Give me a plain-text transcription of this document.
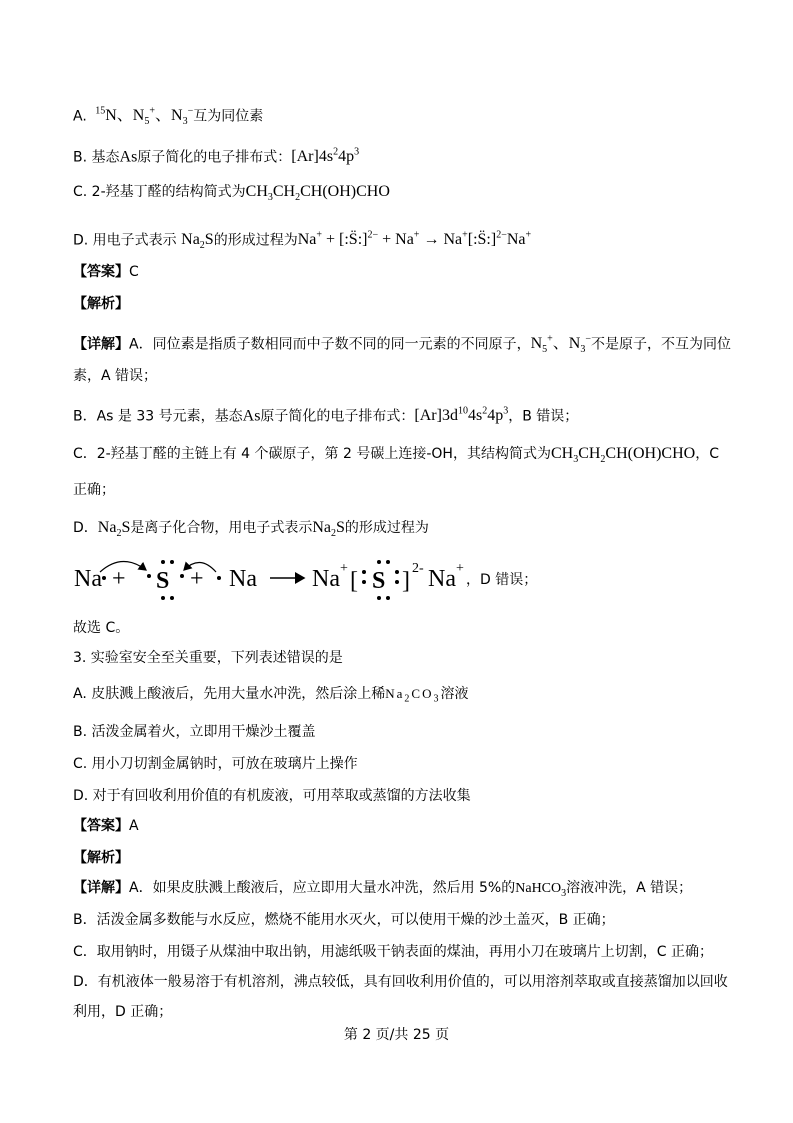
A. $^{15}$N、$N_5^+$、$N_3^-$互为同位素
B. 基态As原子简化的电子排布式：$[Ar]4s^24p^3$
C. 2-羟基丁醛的结构简式为$CH_3CH_2CH(OH)CHO$
D. 用电子式表示 $Na_2S$的形成过程为Na+ + [:S̈:]$^{2-}$ + Na+ → Na+[:S̈:]$^{2-}$Na+
【答案】C
【解析】
【详解】A．同位素是指质子数相同而中子数不同的同一元素的不同原子，$N_5^+$、$N_3^-$不是原子，不互为同位
素，A 错误；
B．As 是 33 号元素，基态As原子简化的电子排布式：$[Ar]3d^{10}4s^24p^3$，B 错误；
C．2-羟基丁醛的主链上有 4 个碳原子，第 2 号碳上连接-OH，其结构简式为$CH_3CH_2CH(OH)CHO$，C
正确；
D．$Na_2S$是离子化合物，用电子式表示$Na_2S$的形成过程为
Na + S + Na Na + [ S ] 2- Na +
，D 错误；
故选 C。
3. 实验室安全至关重要，下列表述错误的是
A. 皮肤溅上酸液后，先用大量水冲洗，然后涂上稀$Na_2CO_3$溶液
B. 活泼金属着火，立即用干燥沙土覆盖
C. 用小刀切割金属钠时，可放在玻璃片上操作
D. 对于有回收利用价值的有机废液，可用萃取或蒸馏的方法收集
【答案】A
【解析】
【详解】A．如果皮肤溅上酸液后，应立即用大量水冲洗，然后用 5%的NaHCO$_3$溶液冲洗，A 错误；
B．活泼金属多数能与水反应，燃烧不能用水灭火，可以使用干燥的沙土盖灭，B 正确；
C．取用钠时，用镊子从煤油中取出钠，用滤纸吸干钠表面的煤油，再用小刀在玻璃片上切割，C 正确；
D．有机液体一般易溶于有机溶剂，沸点较低，具有回收利用价值的，可以用溶剂萃取或直接蒸馏加以回收
利用，D 正确；
第 2 页/共 25 页
